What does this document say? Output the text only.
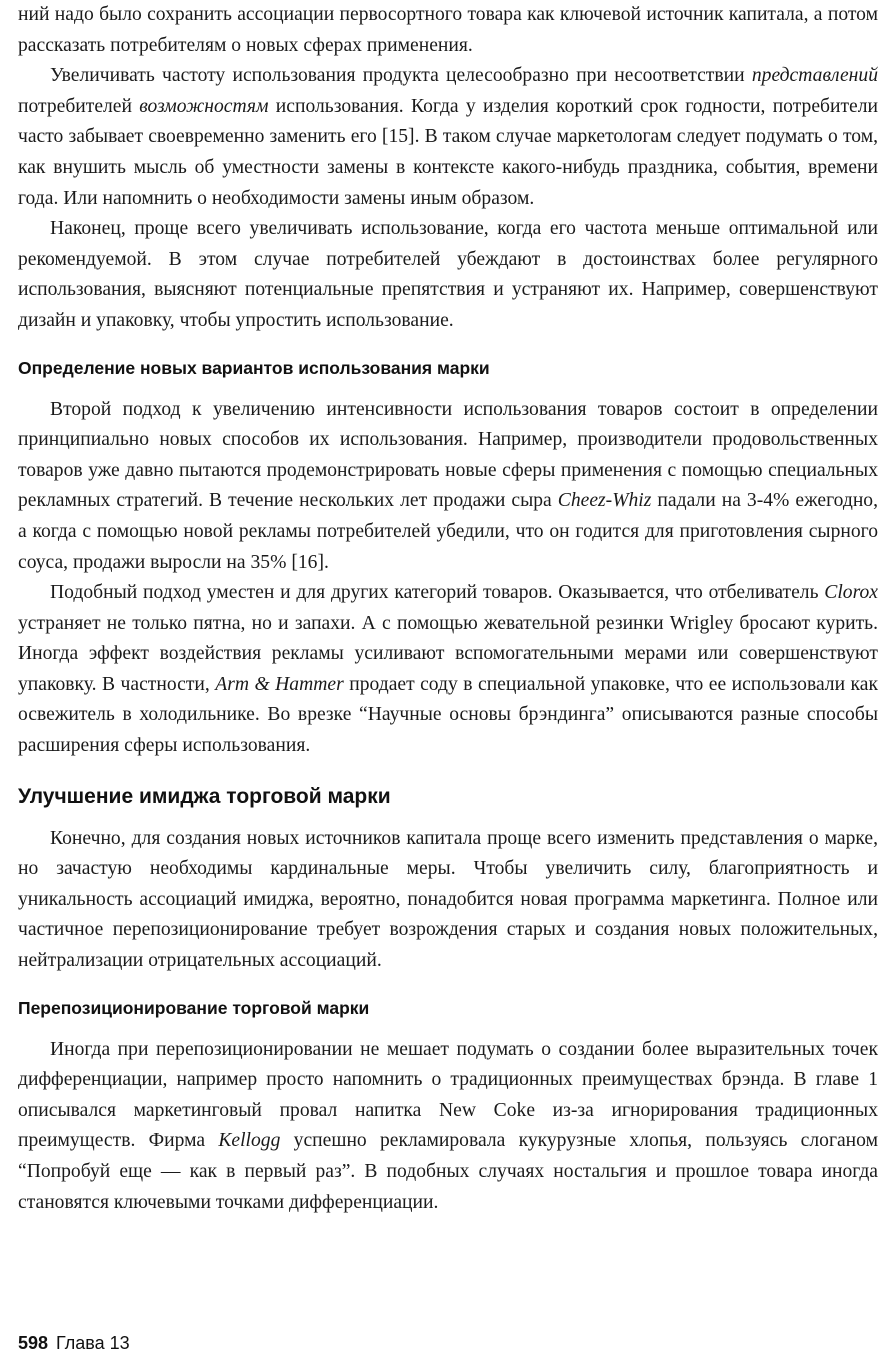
ний надо было сохранить ассоциации первосортного товара как ключевой источник капитала, а потом рассказать потребителям о новых сферах применения.

Увеличивать частоту использования продукта целесообразно при несоответствии представлений потребителей возможностям использования. Когда у изделия короткий срок годности, потребители часто забывает своевременно заменить его [15]. В таком случае маркетологам следует подумать о том, как внушить мысль об уместности замены в контексте какого-нибудь праздника, события, времени года. Или напомнить о необходимости замены иным образом.

Наконец, проще всего увеличивать использование, когда его частота меньше оптимальной или рекомендуемой. В этом случае потребителей убеждают в достоинствах более регулярного использования, выясняют потенциальные препятствия и устраняют их. Например, совершенствуют дизайн и упаковку, чтобы упростить использование.

Определение новых вариантов использования марки

Второй подход к увеличению интенсивности использования товаров состоит в определении принципиально новых способов их использования. Например, производители продовольственных товаров уже давно пытаются продемонстрировать новые сферы применения с помощью специальных рекламных стратегий. В течение нескольких лет продажи сыра Cheez-Whiz падали на 3-4% ежегодно, а когда с помощью новой рекламы потребителей убедили, что он годится для приготовления сырного соуса, продажи выросли на 35% [16].

Подобный подход уместен и для других категорий товаров. Оказывается, что отбеливатель Clorox устраняет не только пятна, но и запахи. А с помощью жевательной резинки Wrigley бросают курить. Иногда эффект воздействия рекламы усиливают вспомогательными мерами или совершенствуют упаковку. В частности, Arm & Hammer продает соду в специальной упаковке, что ее использовали как освежитель в холодильнике. Во врезке “Научные основы брэндинга” описываются разные способы расширения сферы использования.

Улучшение имиджа торговой марки

Конечно, для создания новых источников капитала проще всего изменить представления о марке, но зачастую необходимы кардинальные меры. Чтобы увеличить силу, благоприятность и уникальность ассоциаций имиджа, вероятно, понадобится новая программа маркетинга. Полное или частичное перепозиционирование требует возрождения старых и создания новых положительных, нейтрализации отрицательных ассоциаций.

Перепозиционирование торговой марки

Иногда при перепозиционировании не мешает подумать о создании более выразительных точек дифференциации, например просто напомнить о традиционных преимуществах брэнда. В главе 1 описывался маркетинговый провал напитка New Coke из-за игнорирования традиционных преимуществ. Фирма Kellogg успешно рекламировала кукурузные хлопья, пользуясь слоганом “Попробуй еще — как в первый раз”. В подобных случаях ностальгия и прошлое товара иногда становятся ключевыми точками дифференциации.

598 Глава 13
